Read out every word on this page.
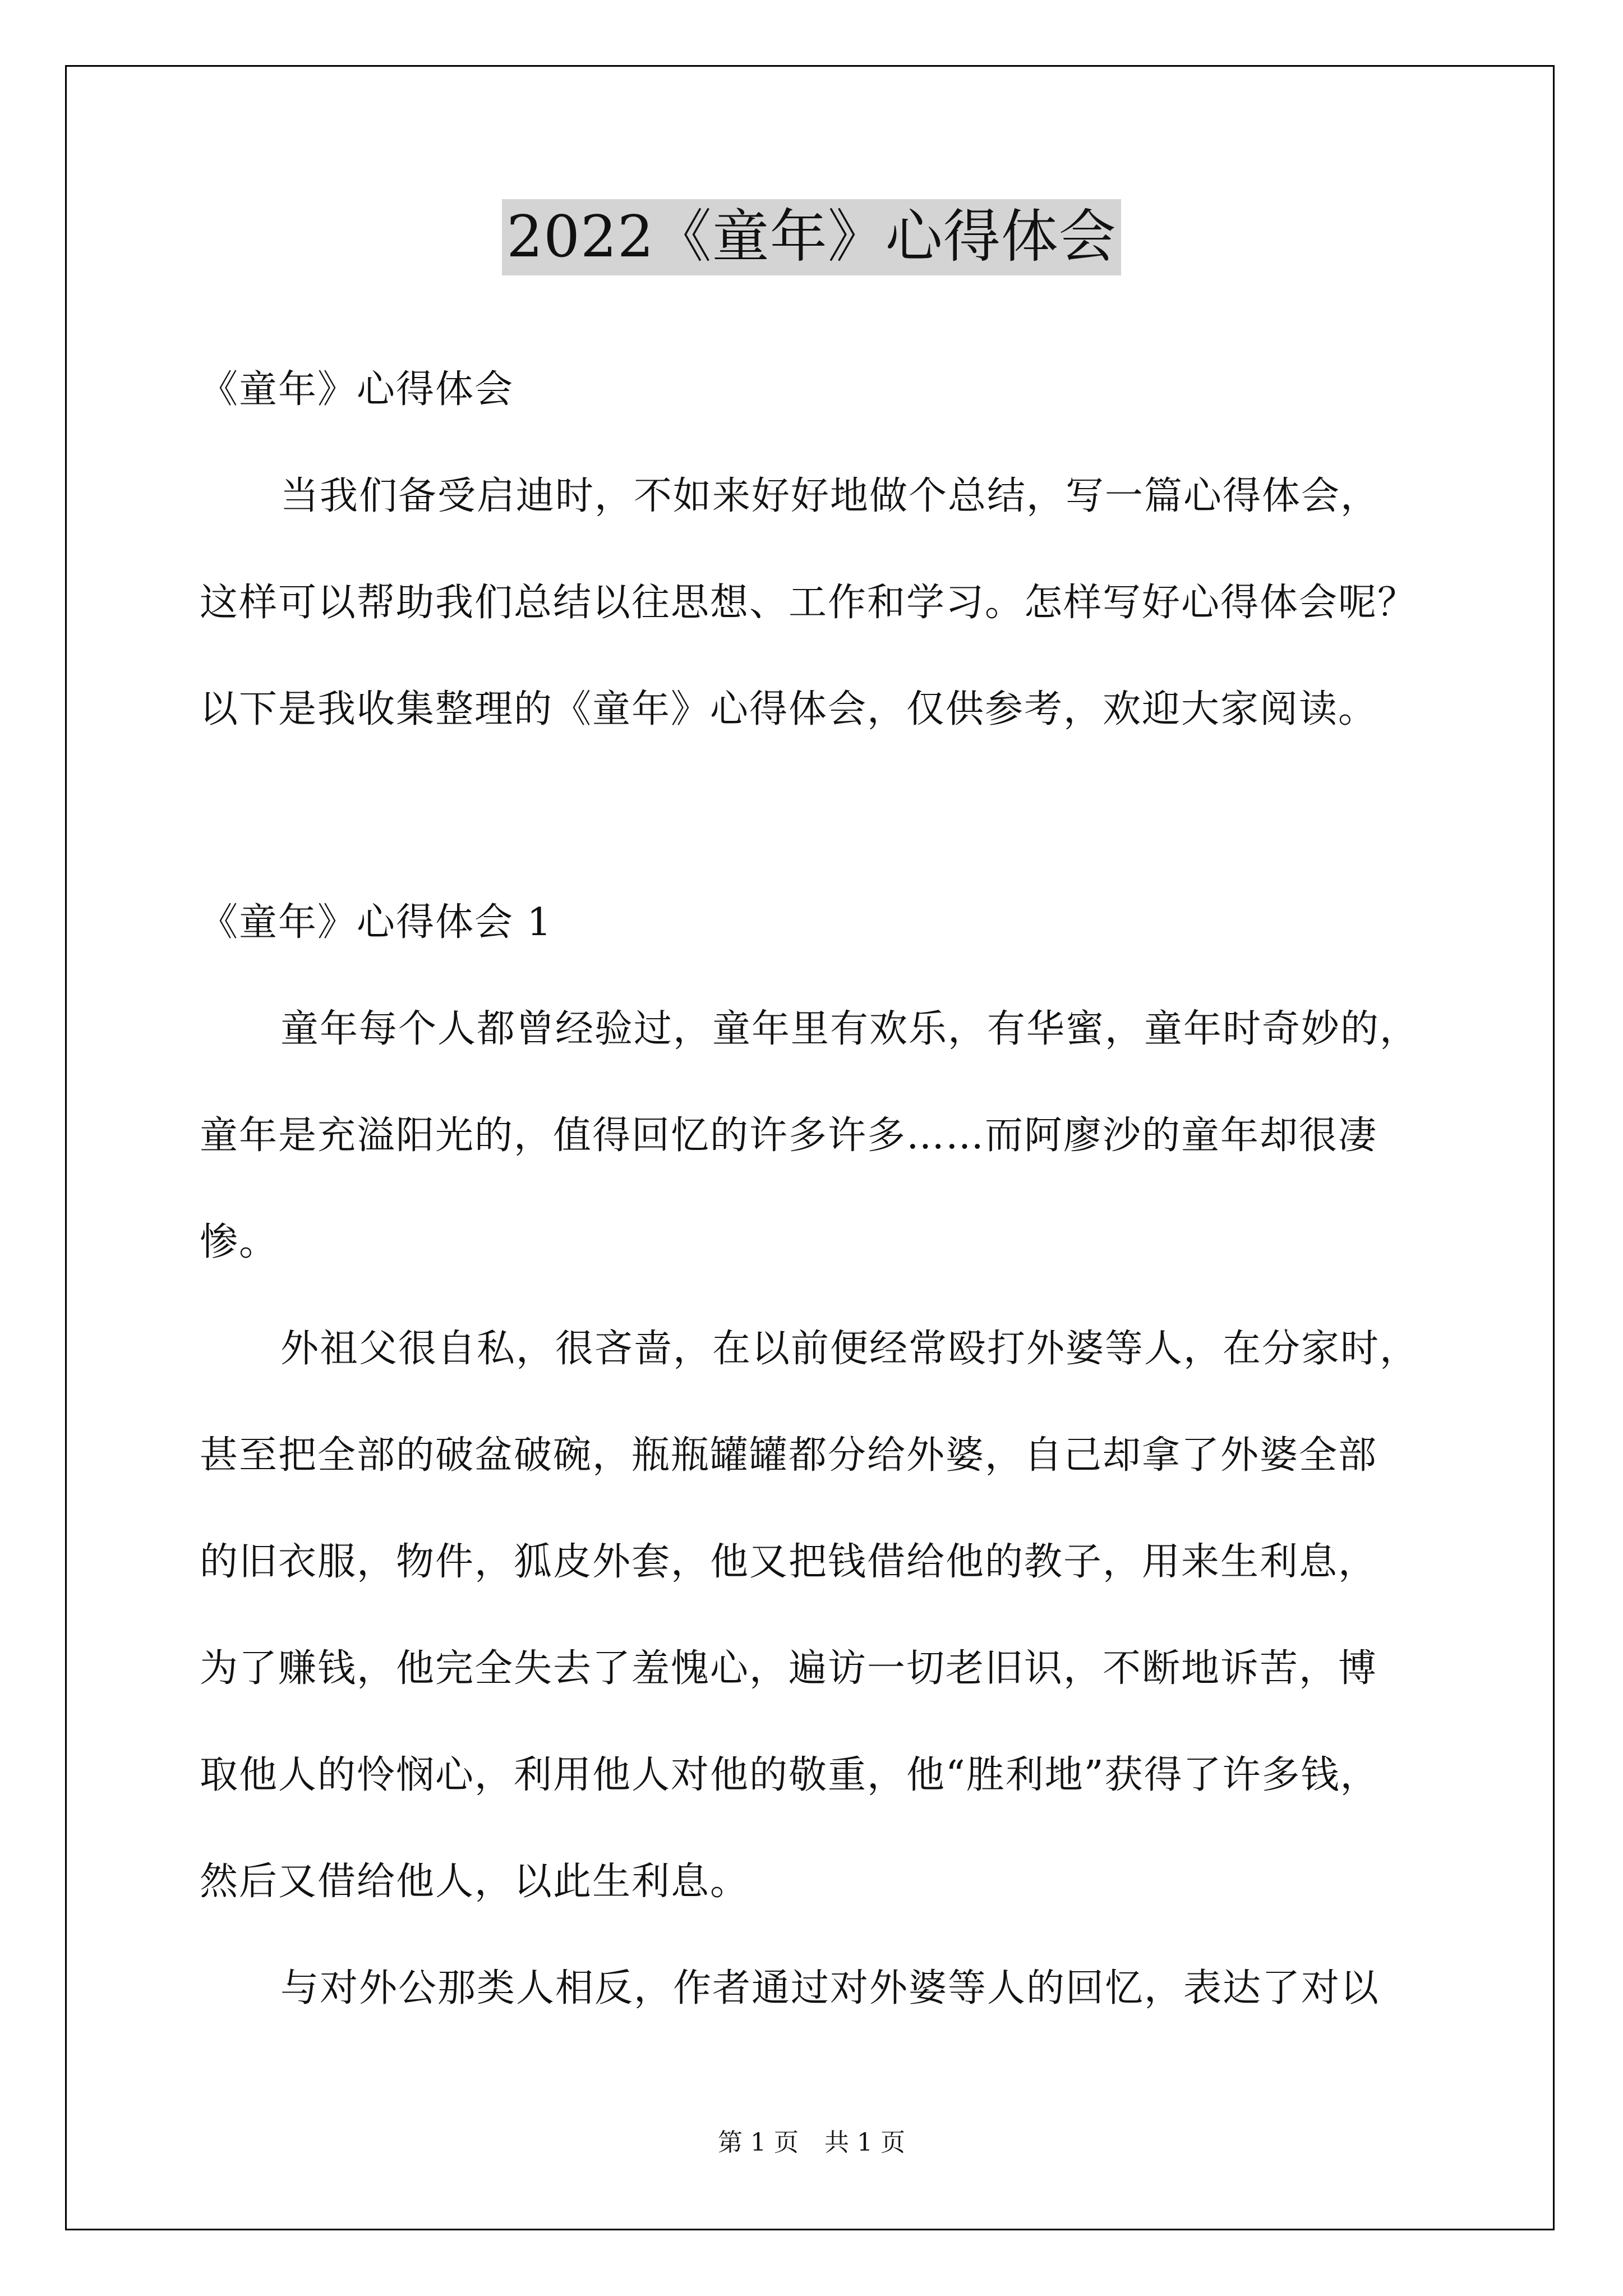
2022《童年》心得体会
《童年》心得体会
当我们备受启迪时，不如来好好地做个总结，写一篇心得体会，
这样可以帮助我们总结以往思想、工作和学习。怎样写好心得体会呢？
以下是我收集整理的《童年》心得体会，仅供参考，欢迎大家阅读。
《童年》心得体会 1
童年每个人都曾经验过，童年里有欢乐，有华蜜，童年时奇妙的，
童年是充溢阳光的，值得回忆的许多许多……而阿廖沙的童年却很凄
惨。
外祖父很自私，很吝啬，在以前便经常殴打外婆等人，在分家时，
甚至把全部的破盆破碗，瓶瓶罐罐都分给外婆，自己却拿了外婆全部
的旧衣服，物件，狐皮外套，他又把钱借给他的教子，用来生利息，
为了赚钱，他完全失去了羞愧心，遍访一切老旧识，不断地诉苦，博
取他人的怜悯心，利用他人对他的敬重，他“胜利地”获得了许多钱，
然后又借给他人，以此生利息。
与对外公那类人相反，作者通过对外婆等人的回忆，表达了对以
第 1 页 共 1 页
